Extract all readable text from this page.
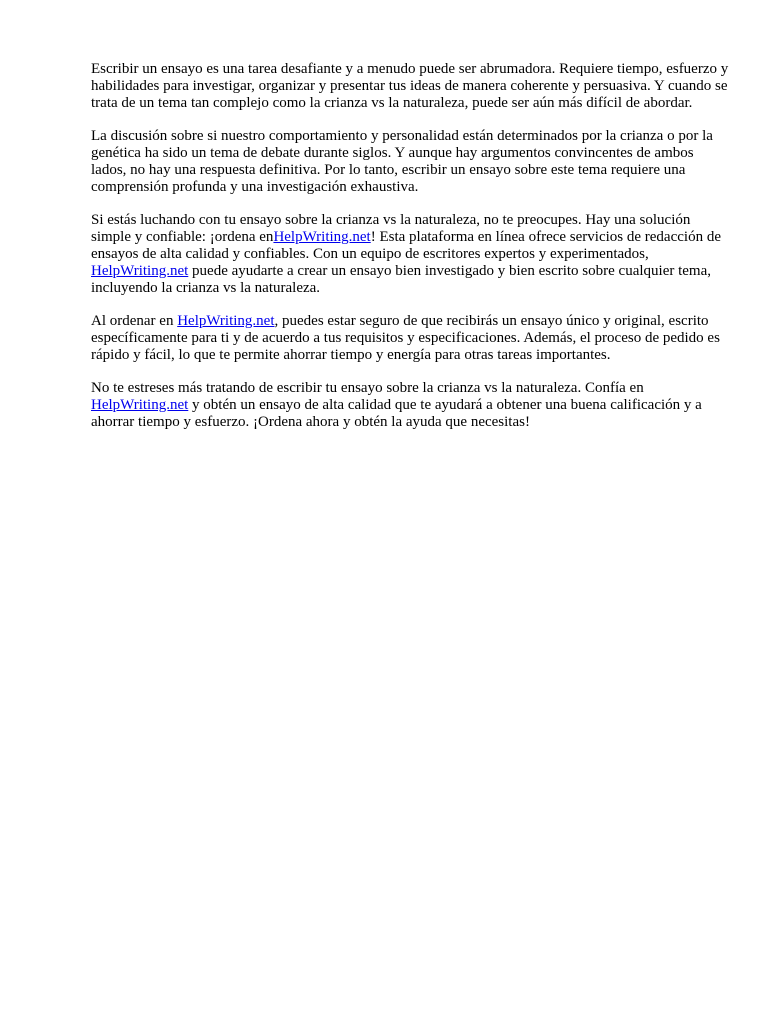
Escribir un ensayo es una tarea desafiante y a menudo puede ser abrumadora. Requiere tiempo, esfuerzo y habilidades para investigar, organizar y presentar tus ideas de manera coherente y persuasiva. Y cuando se trata de un tema tan complejo como la crianza vs la naturaleza, puede ser aún más difícil de abordar.

La discusión sobre si nuestro comportamiento y personalidad están determinados por la crianza o por la genética ha sido un tema de debate durante siglos. Y aunque hay argumentos convincentes de ambos lados, no hay una respuesta definitiva. Por lo tanto, escribir un ensayo sobre este tema requiere una comprensión profunda y una investigación exhaustiva.

Si estás luchando con tu ensayo sobre la crianza vs la naturaleza, no te preocupes. Hay una solución simple y confiable: ¡ordena enHelpWriting.net! Esta plataforma en línea ofrece servicios de redacción de ensayos de alta calidad y confiables. Con un equipo de escritores expertos y experimentados, HelpWriting.net puede ayudarte a crear un ensayo bien investigado y bien escrito sobre cualquier tema, incluyendo la crianza vs la naturaleza.

Al ordenar en HelpWriting.net, puedes estar seguro de que recibirás un ensayo único y original, escrito específicamente para ti y de acuerdo a tus requisitos y especificaciones. Además, el proceso de pedido es rápido y fácil, lo que te permite ahorrar tiempo y energía para otras tareas importantes.

No te estreses más tratando de escribir tu ensayo sobre la crianza vs la naturaleza. Confía en HelpWriting.net y obtén un ensayo de alta calidad que te ayudará a obtener una buena calificación y a ahorrar tiempo y esfuerzo. ¡Ordena ahora y obtén la ayuda que necesitas!
